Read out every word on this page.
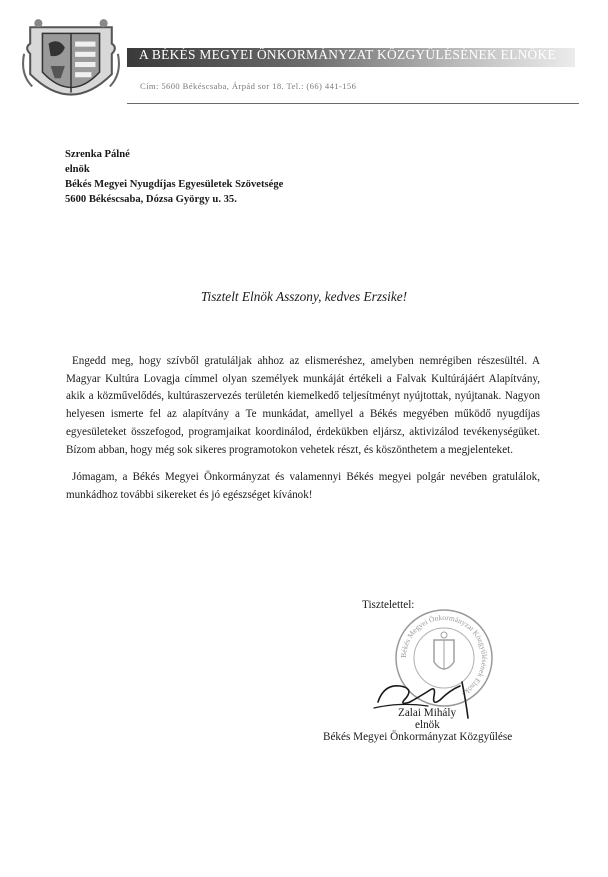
A BÉKÉS MEGYEI ÖNKORMÁNYZAT KÖZGYŰLÉSÉNEK ELNÖKE
Cím: 5600 Békéscsaba, Árpád sor 18. Tel.: (66) 441-156
Szrenka Pálné
elnök
Békés Megyei Nyugdíjas Egyesületek Szövetsége
5600 Békéscsaba, Dózsa György u. 35.
Tisztelt Elnök Asszony, kedves Erzsike!

Engedd meg, hogy szívből gratuláljak ahhoz az elismeréshez, amelyben nemrégiben részesültél. A Magyar Kultúra Lovagja címmel olyan személyek munkáját értékeli a Falvak Kultúrájáért Alapítvány, akik a közművelődés, kultúraszervezés területén kiemelkedő teljesítményt nyújtottak, nyújtanak. Nagyon helyesen ismerte fel az alapítvány a Te munkádat, amellyel a Békés megyében működő nyugdíjas egyesületeket összefogod, programjaikat koordinálod, érdekükben eljársz, aktivizálod tevékenységüket. Bízom abban, hogy még sok sikeres programotokon vehetek részt, és köszönthetem a megjelenteket.

Jómagam, a Békés Megyei Önkormányzat és valamennyi Békés megyei polgár nevében gratulálok, munkádhoz további sikereket és jó egészséget kívánok!

Tisztelettel:
Békés Megyei Önkormányzat Közgyűlésének Elnöke
Zalai Mihály
elnök
Békés Megyei Önkormányzat Közgyűlése
